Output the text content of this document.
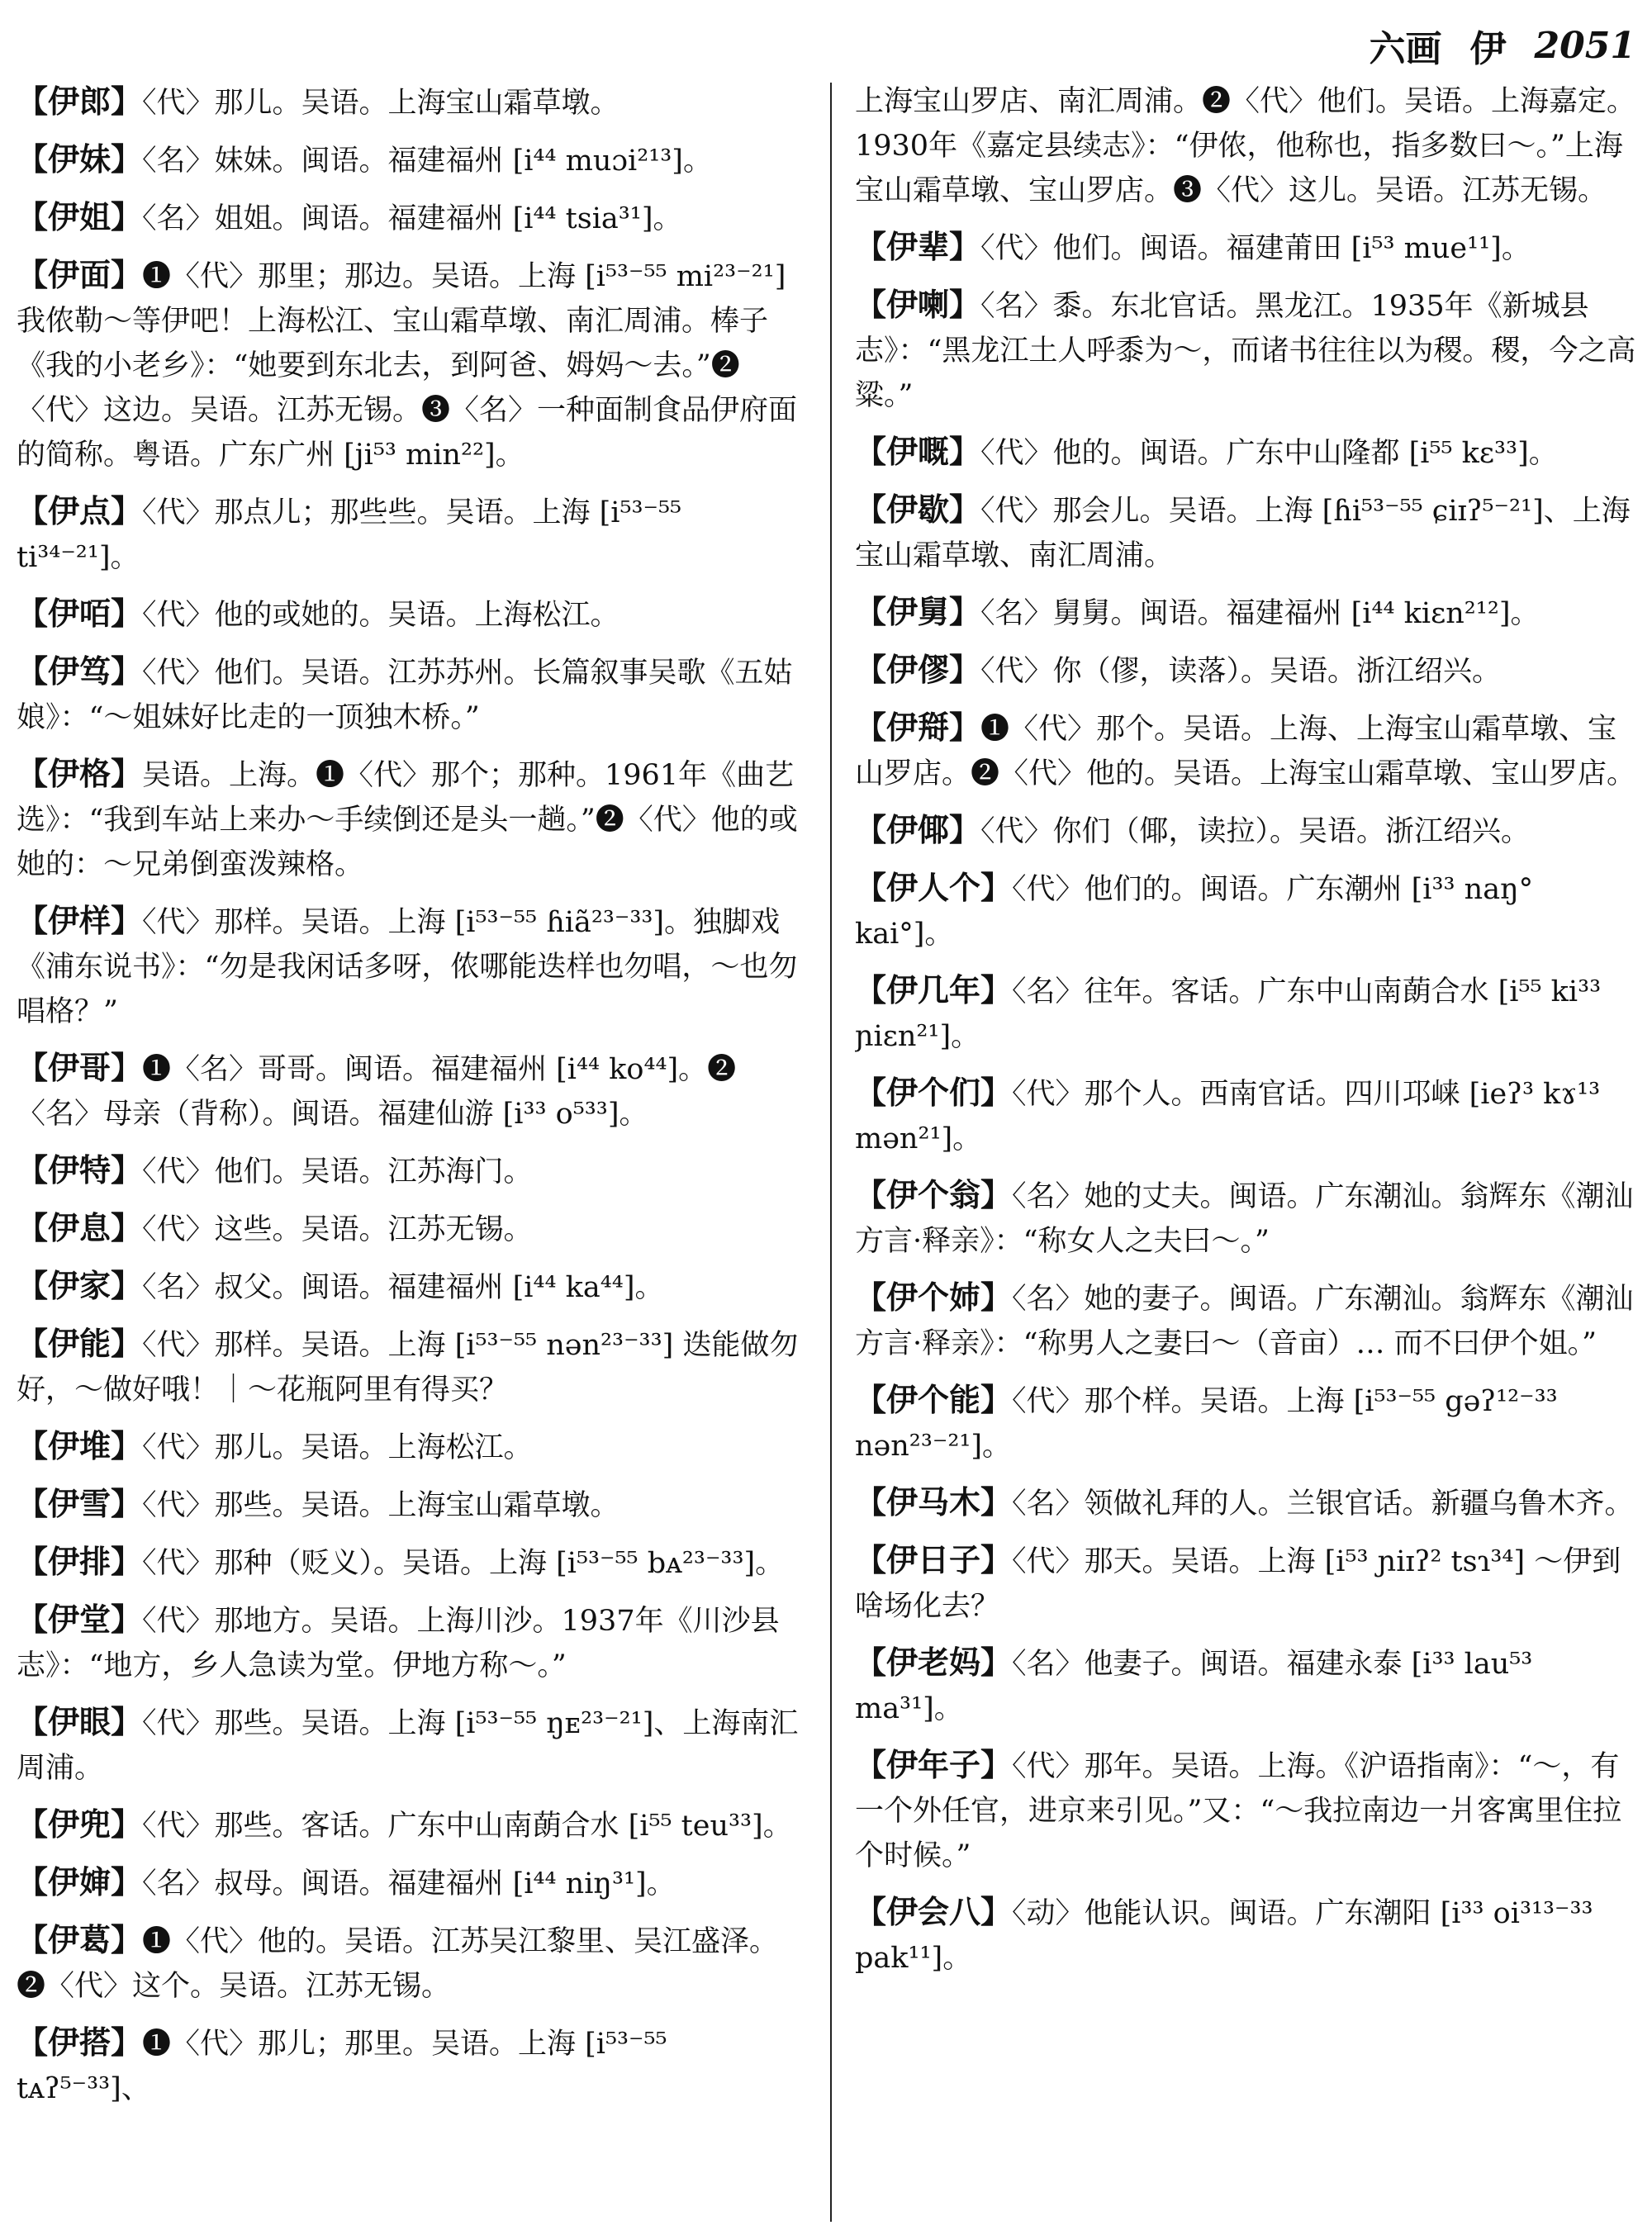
六画 伊 2051

【伊郎】〈代〉那儿。吴语。上海宝山霜草墩。

【伊妹】〈名〉妹妹。闽语。福建福州 [i⁴⁴ muɔi²¹³]。

【伊姐】〈名〉姐姐。闽语。福建福州 [i⁴⁴ tsia³¹]。

【伊面】❶〈代〉那里；那边。吴语。上海 [i⁵³⁻⁵⁵ mi²³⁻²¹] 我侬勒～等伊吧！上海松江、宝山霜草墩、南汇周浦。棒子《我的小老乡》：“她要到东北去，到阿爸、姆妈～去。”❷〈代〉这边。吴语。江苏无锡。❸〈名〉一种面制食品伊府面的简称。粤语。广东广州 [ji⁵³ min²²]。

【伊点】〈代〉那点儿；那些些。吴语。上海 [i⁵³⁻⁵⁵ ti³⁴⁻²¹]。

【伊咟】〈代〉他的或她的。吴语。上海松江。

【伊笃】〈代〉他们。吴语。江苏苏州。长篇叙事吴歌《五姑娘》：“～姐妹好比走的一顶独木桥。”

【伊格】吴语。上海。❶〈代〉那个；那种。1961年《曲艺选》：“我到车站上来办～手续倒还是头一趟。”❷〈代〉他的或她的：～兄弟倒蛮泼辣格。

【伊样】〈代〉那样。吴语。上海 [i⁵³⁻⁵⁵ ɦiã²³⁻³³]。独脚戏《浦东说书》：“勿是我闲话多呀，侬哪能迭样也勿唱，～也勿唱格？”

【伊哥】❶〈名〉哥哥。闽语。福建福州 [i⁴⁴ ko⁴⁴]。❷〈名〉母亲（背称）。闽语。福建仙游 [i³³ o⁵³³]。

【伊特】〈代〉他们。吴语。江苏海门。

【伊息】〈代〉这些。吴语。江苏无锡。

【伊家】〈名〉叔父。闽语。福建福州 [i⁴⁴ ka⁴⁴]。

【伊能】〈代〉那样。吴语。上海 [i⁵³⁻⁵⁵ nən²³⁻³³] 迭能做勿好，～做好哦！｜～花瓶阿里有得买？

【伊堆】〈代〉那儿。吴语。上海松江。

【伊雪】〈代〉那些。吴语。上海宝山霜草墩。

【伊排】〈代〉那种（贬义）。吴语。上海 [i⁵³⁻⁵⁵ bᴀ²³⁻³³]。

【伊堂】〈代〉那地方。吴语。上海川沙。1937年《川沙县志》：“地方，乡人急读为堂。伊地方称～。”

【伊眼】〈代〉那些。吴语。上海 [i⁵³⁻⁵⁵ ŋᴇ²³⁻²¹]、上海南汇周浦。

【伊兜】〈代〉那些。客话。广东中山南蓢合水 [i⁵⁵ teu³³]。

【伊婶】〈名〉叔母。闽语。福建福州 [i⁴⁴ niŋ³¹]。

【伊葛】❶〈代〉他的。吴语。江苏吴江黎里、吴江盛泽。❷〈代〉这个。吴语。江苏无锡。

【伊搭】❶〈代〉那儿；那里。吴语。上海 [i⁵³⁻⁵⁵ tᴀʔ⁵⁻³³]、

上海宝山罗店、南汇周浦。❷〈代〉他们。吴语。上海嘉定。1930年《嘉定县续志》：“伊侬，他称也，指多数曰～。”上海宝山霜草墩、宝山罗店。❸〈代〉这儿。吴语。江苏无锡。

【伊辈】〈代〉他们。闽语。福建莆田 [i⁵³ mue¹¹]。

【伊喇】〈名〉黍。东北官话。黑龙江。1935年《新城县志》：“黑龙江土人呼黍为～，而诸书往往以为稷。稷，今之高粱。”

【伊嘅】〈代〉他的。闽语。广东中山隆都 [i⁵⁵ kɛ³³]。

【伊歇】〈代〉那会儿。吴语。上海 [ɦi⁵³⁻⁵⁵ ɕiɪʔ⁵⁻²¹]、上海宝山霜草墩、南汇周浦。

【伊舅】〈名〉舅舅。闽语。福建福州 [i⁴⁴ kiɛn²¹²]。

【伊僇】〈代〉你（僇，读落）。吴语。浙江绍兴。

【伊搿】❶〈代〉那个。吴语。上海、上海宝山霜草墩、宝山罗店。❷〈代〉他的。吴语。上海宝山霜草墩、宝山罗店。

【伊倻】〈代〉你们（倻，读拉）。吴语。浙江绍兴。

【伊人个】〈代〉他们的。闽语。广东潮州 [i³³ naŋ° kai°]。

【伊几年】〈名〉往年。客话。广东中山南蓢合水 [i⁵⁵ ki³³ ɲiɛn²¹]。

【伊个们】〈代〉那个人。西南官话。四川邛崃 [ieʔ³ kɤ¹³ mən²¹]。

【伊个翁】〈名〉她的丈夫。闽语。广东潮汕。翁辉东《潮汕方言·释亲》：“称女人之夫曰～。”

【伊个姉】〈名〉她的妻子。闽语。广东潮汕。翁辉东《潮汕方言·释亲》：“称男人之妻曰～（音亩）… 而不曰伊个姐。”

【伊个能】〈代〉那个样。吴语。上海 [i⁵³⁻⁵⁵ gəʔ¹²⁻³³ nən²³⁻²¹]。

【伊马木】〈名〉领做礼拜的人。兰银官话。新疆乌鲁木齐。

【伊日子】〈代〉那天。吴语。上海 [i⁵³ ɲiɪʔ² tsɿ³⁴] ～伊到啥场化去？

【伊老妈】〈名〉他妻子。闽语。福建永泰 [i³³ lau⁵³ ma³¹]。

【伊年子】〈代〉那年。吴语。上海。《沪语指南》：“～，有一个外任官，进京来引见。”又：“～我拉南边一爿客寓里住拉个时候。”

【伊会八】〈动〉他能认识。闽语。广东潮阳 [i³³ oi³¹³⁻³³ pak¹¹]。
